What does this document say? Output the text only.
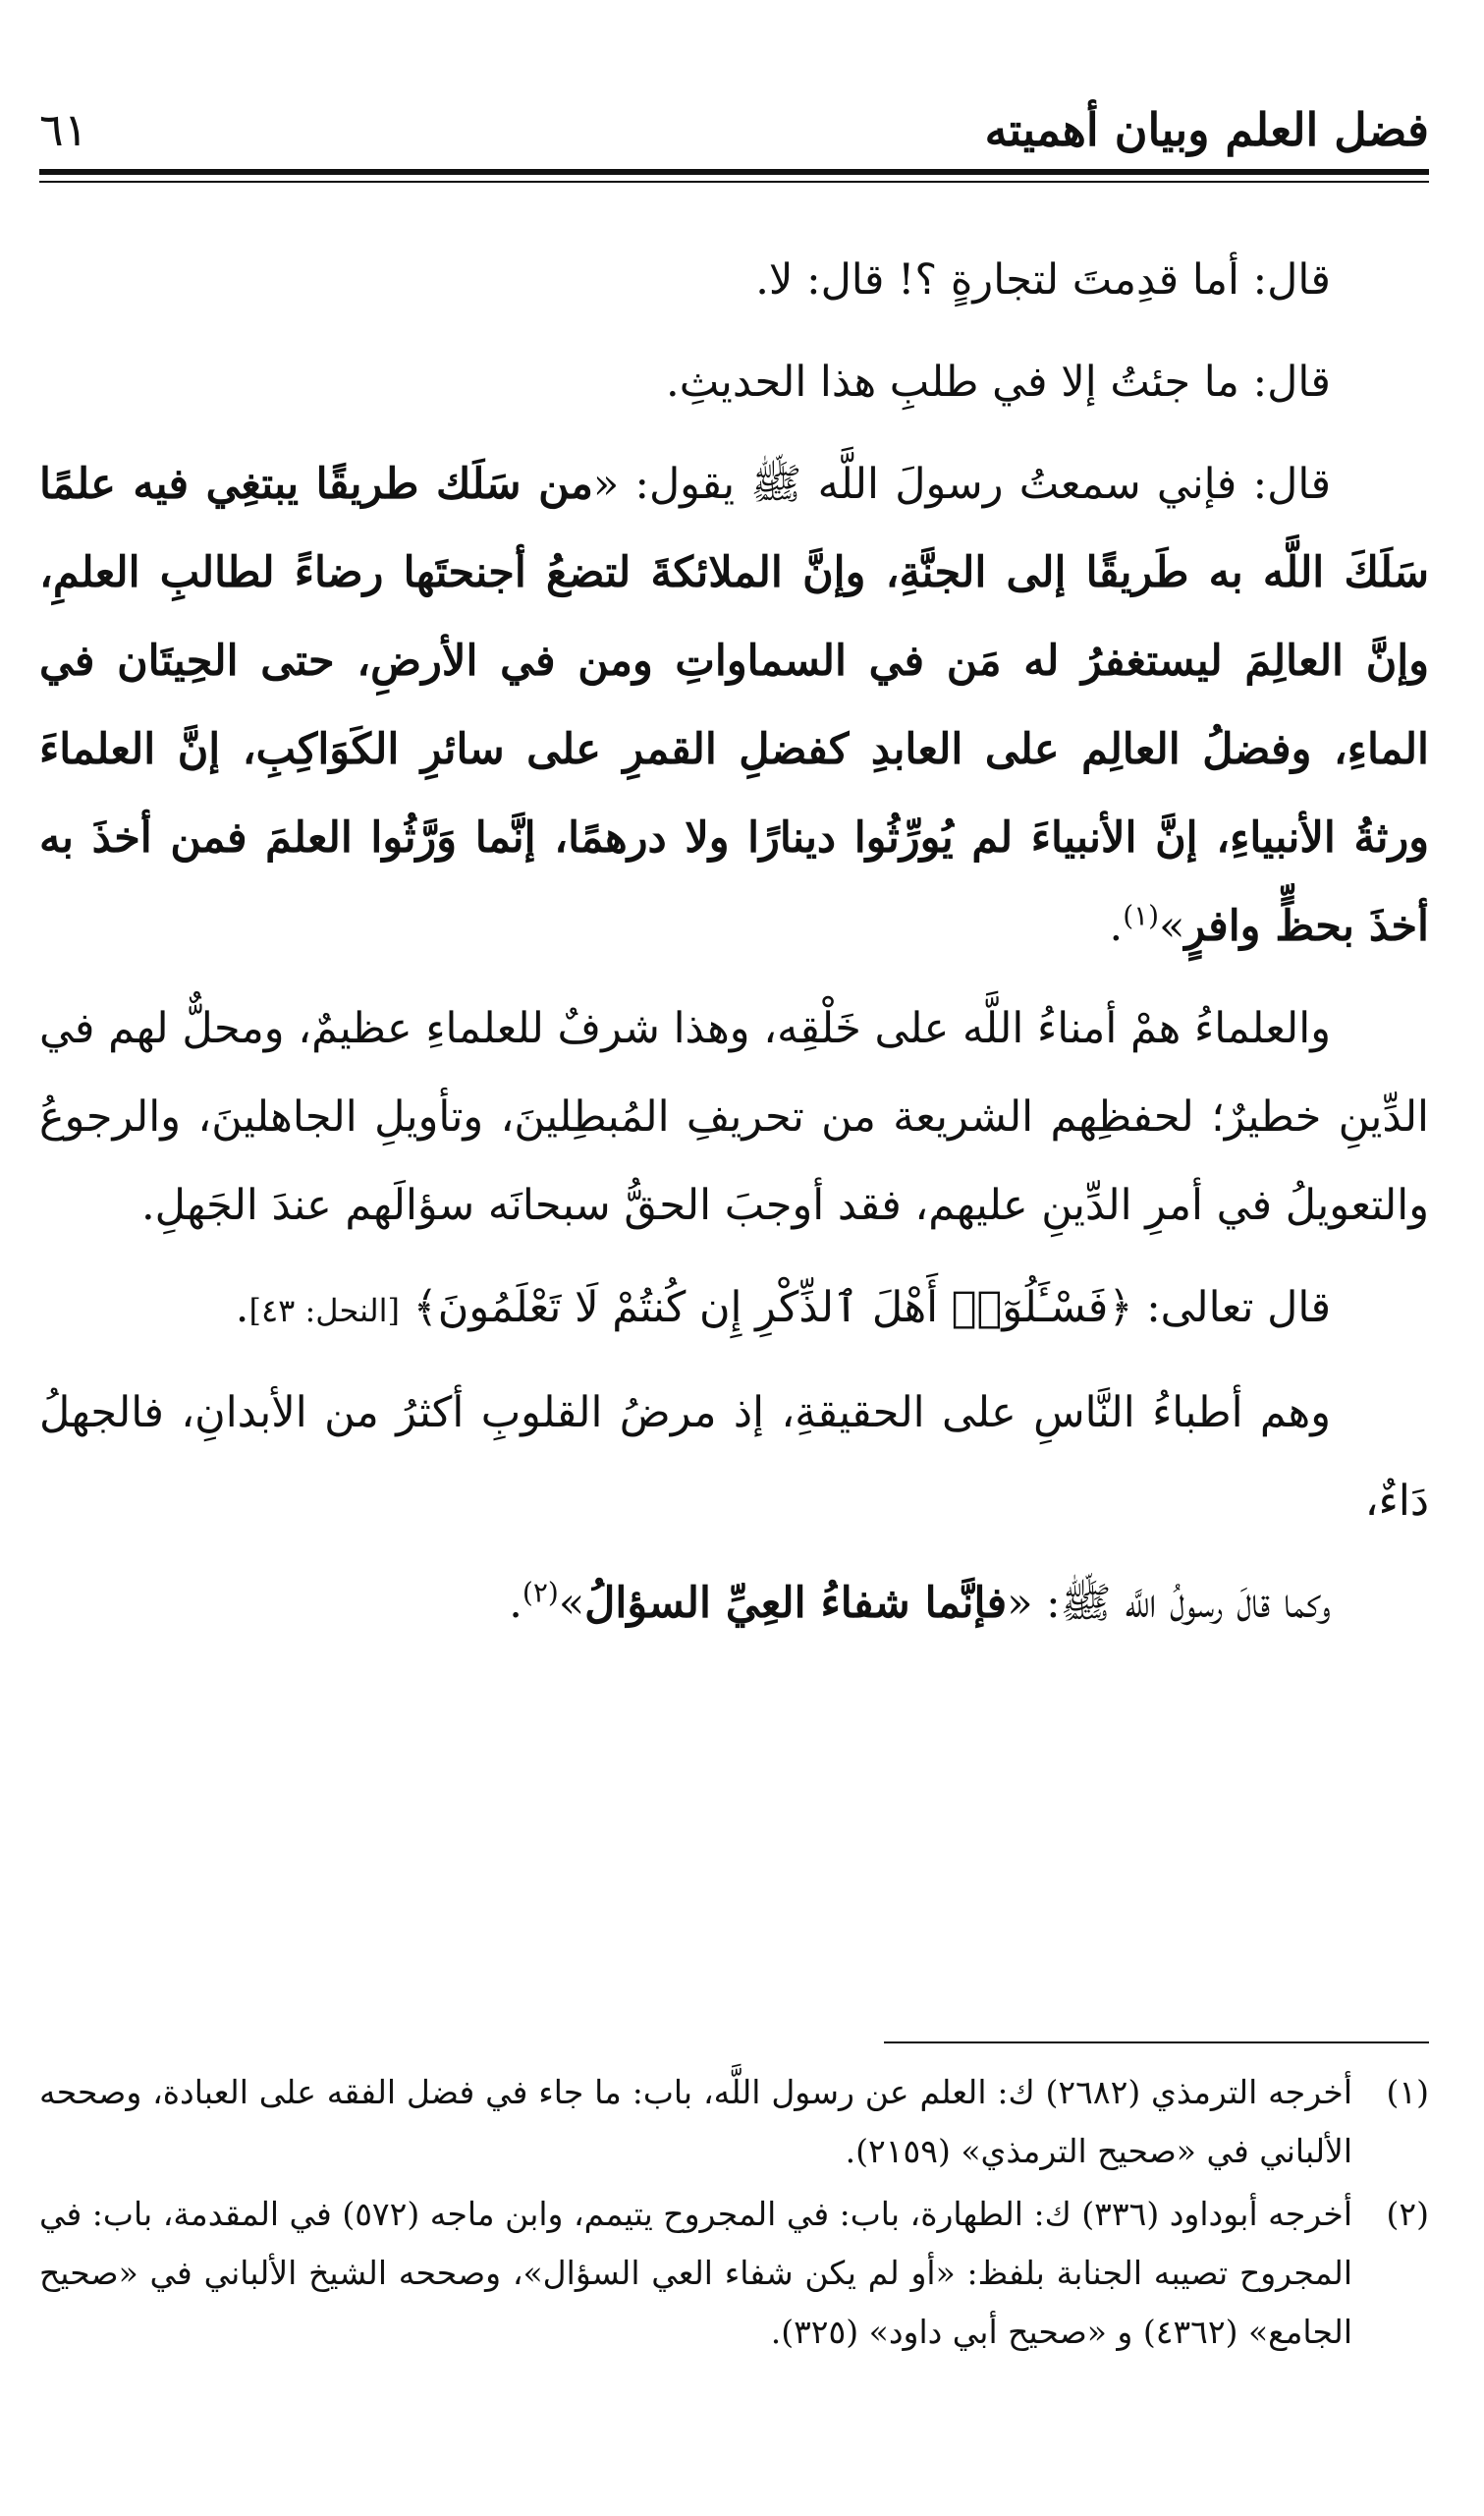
فضل العلم وبيان أهميته
٦١

قال: أما قدِمتَ لتجارةٍ ؟! قال: لا.

قال: ما جئتُ إلا في طلبِ هذا الحديثِ.

قال: فإني سمعتُ رسولَ اللَّه ﷺ يقول: «من سَلَك طريقًا يبتغِي فيه علمًا سَلَكَ اللَّه به طَريقًا إلى الجنَّةِ، وإنَّ الملائكةَ لتضعُ أجنحتَها رضاءً لطالبِ العلمِ، وإنَّ العالِمَ ليستغفرُ له مَن في السماواتِ ومن في الأرضِ، حتى الحِيتَان في الماءِ، وفضلُ العالِم على العابدِ كفضلِ القمرِ على سائرِ الكَوَاكِبِ، إنَّ العلماءَ ورثةُ الأنبياءِ، إنَّ الأنبياءَ لم يُورِّثُوا دينارًا ولا درهمًا، إنَّما وَرَّثُوا العلمَ فمن أخذَ به أخذَ بحظٍّ وافرٍ»$^{(١)}$.

والعلماءُ همْ أمناءُ اللَّه على خَلْقِه، وهذا شرفٌ للعلماءِ عظيمٌ، ومحلٌّ لهم في الدِّينِ خطيرٌ؛ لحفظِهم الشريعة من تحريفِ المُبطِلينَ، وتأويلِ الجاهلينَ، والرجوعُ والتعويلُ في أمرِ الدِّينِ عليهم، فقد أوجبَ الحقُّ سبحانَه سؤالَهم عندَ الجَهلِ.

قال تعالى: ﴿فَسْـَٔلُوٓا۟ أَهْلَ ٱلذِّكْرِ إِن كُنتُمْ لَا تَعْلَمُونَ﴾ [النحل: ٤٣].

وهم أطباءُ النَّاسِ على الحقيقةِ، إذ مرضُ القلوبِ أكثرُ من الأبدانِ، فالجهلُ دَاءٌ،

وكما قالَ رسولُ اللَّه ﷺ: «فإنَّما شفاءُ العِيِّ السؤالُ»$^{(٢)}$.

(١)
أخرجه الترمذي (٢٦٨٢) ك: العلم عن رسول اللَّه، باب: ما جاء في فضل الفقه على العبادة، وصححه الألباني في «صحيح الترمذي» (٢١٥٩).
(٢)
أخرجه أبوداود (٣٣٦) ك: الطهارة، باب: في المجروح يتيمم، وابن ماجه (٥٧٢) في المقدمة، باب: في المجروح تصيبه الجنابة بلفظ: «أو لم يكن شفاء العي السؤال»، وصححه الشيخ الألباني في «صحيح الجامع» (٤٣٦٢) و «صحيح أبي داود» (٣٢٥).
